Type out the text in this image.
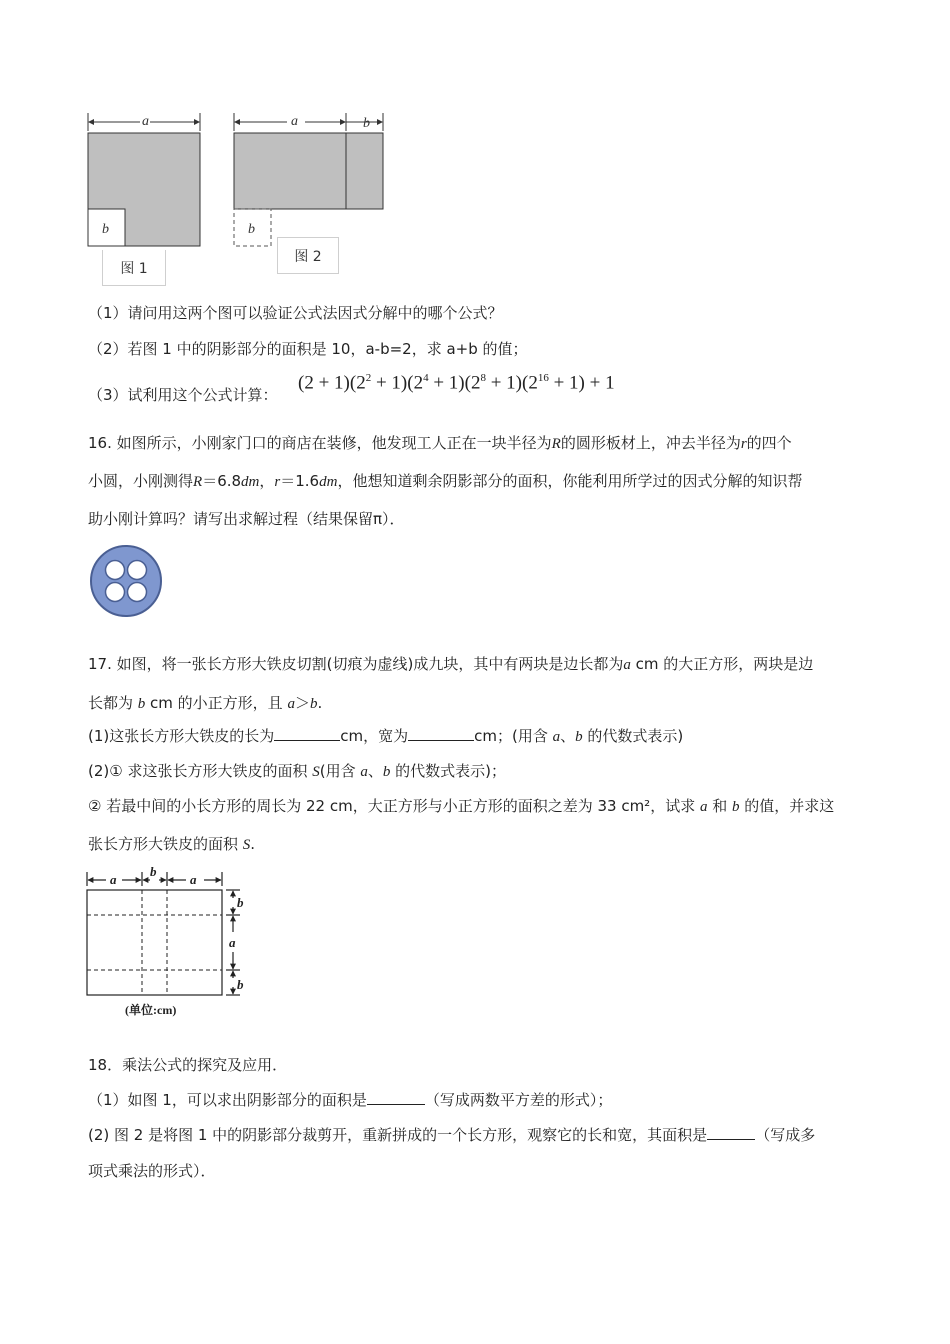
a
b
图 1
a	b
b
图 2
（1）请问用这两个图可以验证公式法因式分解中的哪个公式？
（2）若图 1 中的阴影部分的面积是 10，a-b=2，求 a+b 的值；
（3）试利用这个公式计算：
$(2 + 1)(2^2 + 1)(2^4 + 1)(2^8 + 1)(2^{16} + 1) + 1$
16. 如图所示，小刚家门口的商店在装修，他发现工人正在一块半径为R的圆形板材上，冲去半径为r的四个
小圆，小刚测得R＝6.8dm，r＝1.6dm，他想知道剩余阴影部分的面积，你能利用所学过的因式分解的知识帮
助小刚计算吗？请写出求解过程（结果保留π）．
17. 如图，将一张长方形大铁皮切割(切痕为虚线)成九块，其中有两块是边长都为a cm 的大正方形，两块是边
长都为 b cm 的小正方形，且 a＞b.
(1)这张长方形大铁皮的长为	cm，宽为	cm；(用含 a、b 的代数式表示)
(2)① 求这张长方形大铁皮的面积 S(用含 a、b 的代数式表示)；
② 若最中间的小长方形的周长为 22 cm，大正方形与小正方形的面积之差为 33 cm²，试求 a 和 b 的值，并求这
张长方形大铁皮的面积 S.
a
b
a
b
a
b
(单位:cm)
18．乘法公式的探究及应用．
（1）如图 1，可以求出阴影部分的面积是	（写成两数平方差的形式）；
(2) 图 2 是将图 1 中的阴影部分裁剪开，重新拼成的一个长方形，观察它的长和宽，其面积是	（写成多
项式乘法的形式）．
